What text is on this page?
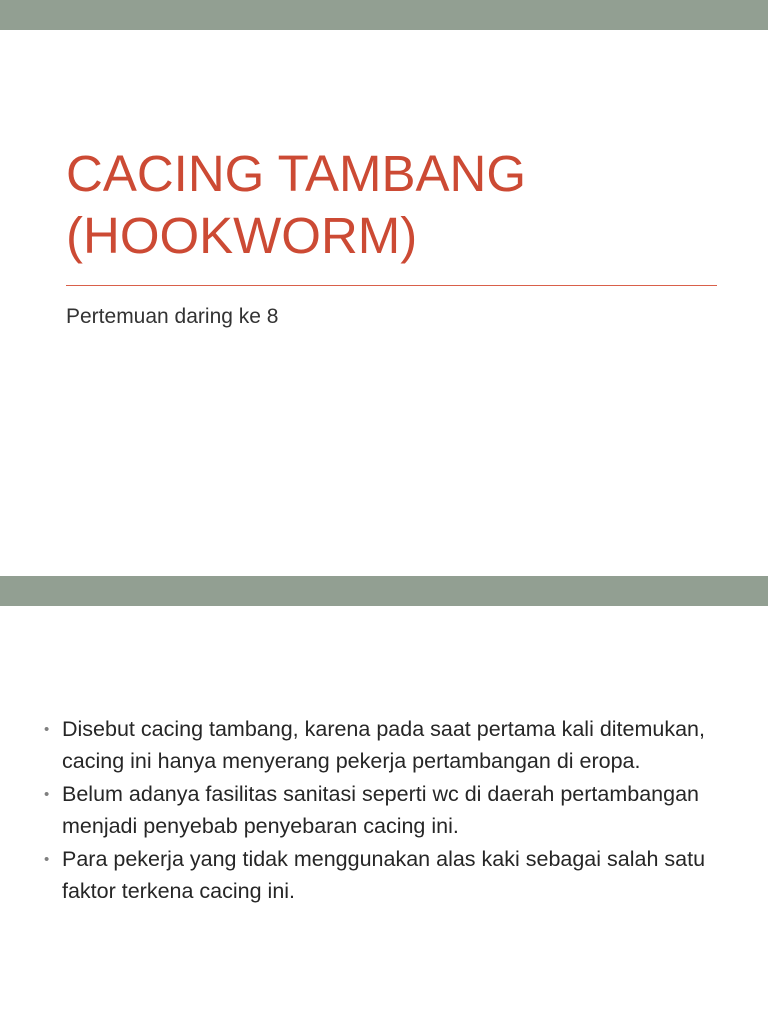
CACING TAMBANG
(HOOKWORM)

Pertemuan daring ke 8

• Disebut cacing tambang, karena pada saat pertama kali ditemukan, cacing ini hanya menyerang pekerja pertambangan di eropa.
• Belum adanya fasilitas sanitasi seperti wc di daerah pertambangan menjadi penyebab penyebaran cacing ini.
• Para pekerja yang tidak menggunakan alas kaki sebagai salah satu faktor terkena cacing ini.
